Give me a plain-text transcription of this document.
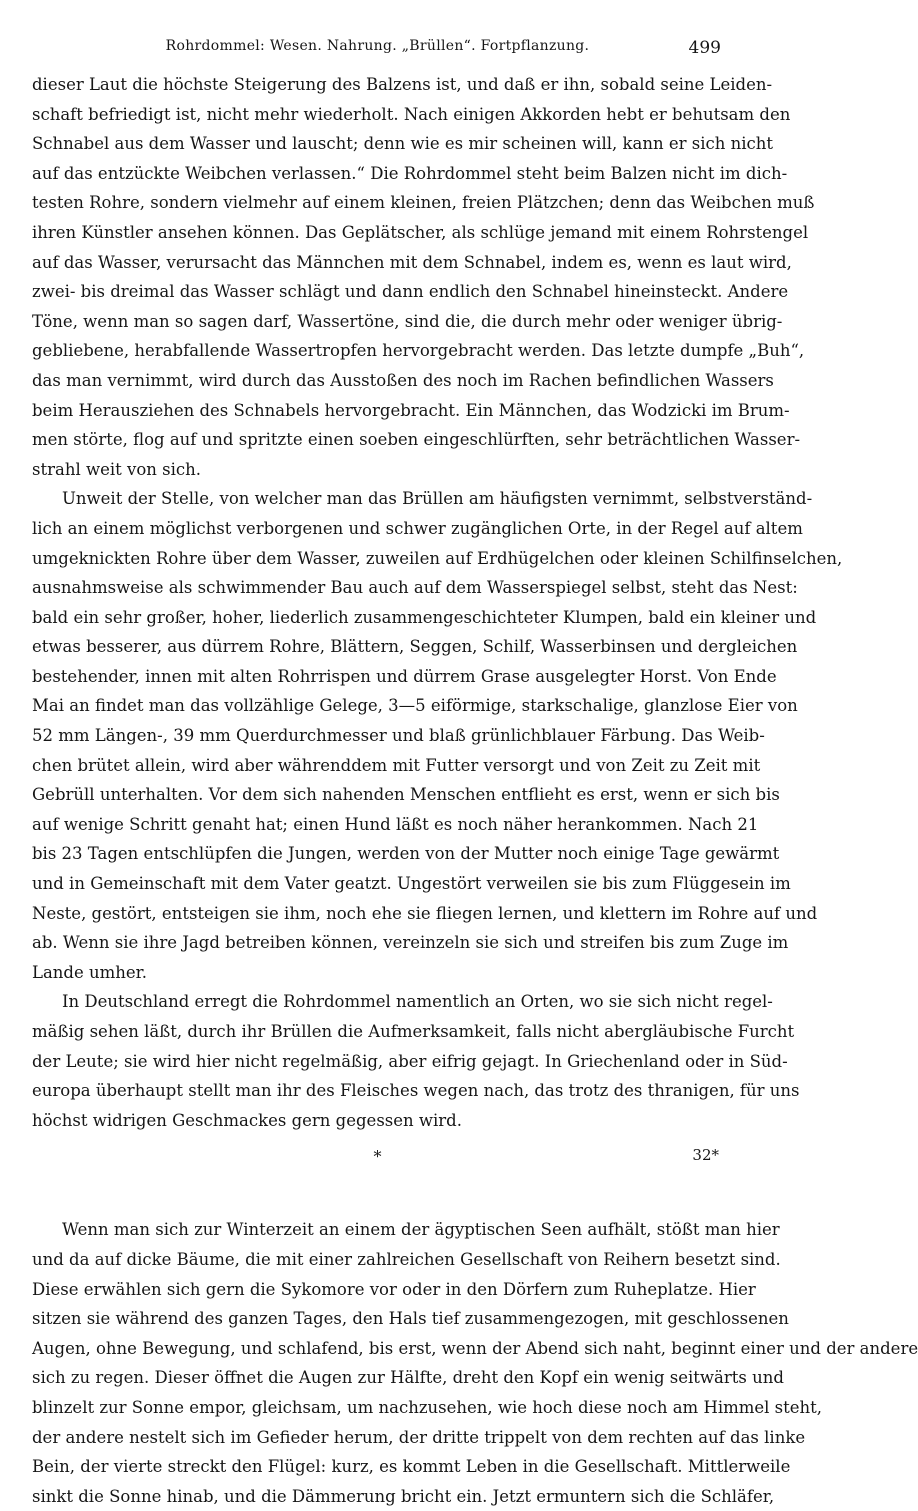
Rohrdommel: Wesen. Nahrung. „Brüllen“. Fortpflanzung.	499
dieser Laut die höchste Steigerung des Balzens ist, und daß er ihn, sobald seine Leiden-
schaft befriedigt ist, nicht mehr wiederholt. Nach einigen Akkorden hebt er behutsam den
Schnabel aus dem Wasser und lauscht; denn wie es mir scheinen will, kann er sich nicht
auf das entzückte Weibchen verlassen.“ Die Rohrdommel steht beim Balzen nicht im dich-
testen Rohre, sondern vielmehr auf einem kleinen, freien Plätzchen; denn das Weibchen muß
ihren Künstler ansehen können. Das Geplätscher, als schlüge jemand mit einem Rohrstengel
auf das Wasser, verursacht das Männchen mit dem Schnabel, indem es, wenn es laut wird,
zwei- bis dreimal das Wasser schlägt und dann endlich den Schnabel hineinsteckt. Andere
Töne, wenn man so sagen darf, Wassertöne, sind die, die durch mehr oder weniger übrig-
gebliebene, herabfallende Wassertropfen hervorgebracht werden. Das letzte dumpfe „Buh“,
das man vernimmt, wird durch das Ausstoßen des noch im Rachen befindlichen Wassers
beim Herausziehen des Schnabels hervorgebracht. Ein Männchen, das Wodzicki im Brum-
men störte, flog auf und spritzte einen soeben eingeschlürften, sehr beträchtlichen Wasser-
strahl weit von sich.
Unweit der Stelle, von welcher man das Brüllen am häufigsten vernimmt, selbstverständ-
lich an einem möglichst verborgenen und schwer zugänglichen Orte, in der Regel auf altem
umgeknickten Rohre über dem Wasser, zuweilen auf Erdhügelchen oder kleinen Schilfinselchen,
ausnahmsweise als schwimmender Bau auch auf dem Wasserspiegel selbst, steht das Nest:
bald ein sehr großer, hoher, liederlich zusammengeschichteter Klumpen, bald ein kleiner und
etwas besserer, aus dürrem Rohre, Blättern, Seggen, Schilf, Wasserbinsen und dergleichen
bestehender, innen mit alten Rohrrispen und dürrem Grase ausgelegter Horst. Von Ende
Mai an findet man das vollzählige Gelege, 3—5 eiförmige, starkschalige, glanzlose Eier von
52 mm Längen-, 39 mm Querdurchmesser und blaß grünlichblauer Färbung. Das Weib-
chen brütet allein, wird aber währenddem mit Futter versorgt und von Zeit zu Zeit mit
Gebrüll unterhalten. Vor dem sich nahenden Menschen entflieht es erst, wenn er sich bis
auf wenige Schritt genaht hat; einen Hund läßt es noch näher herankommen. Nach 21
bis 23 Tagen entschlüpfen die Jungen, werden von der Mutter noch einige Tage gewärmt
und in Gemeinschaft mit dem Vater geatzt. Ungestört verweilen sie bis zum Flüggesein im
Neste, gestört, entsteigen sie ihm, noch ehe sie fliegen lernen, und klettern im Rohre auf und
ab. Wenn sie ihre Jagd betreiben können, vereinzeln sie sich und streifen bis zum Zuge im
Lande umher.
In Deutschland erregt die Rohrdommel namentlich an Orten, wo sie sich nicht regel-
mäßig sehen läßt, durch ihr Brüllen die Aufmerksamkeit, falls nicht abergläubische Furcht
der Leute; sie wird hier nicht regelmäßig, aber eifrig gejagt. In Griechenland oder in Süd-
europa überhaupt stellt man ihr des Fleisches wegen nach, das trotz des thranigen, für uns
höchst widrigen Geschmackes gern gegessen wird.
*
Wenn man sich zur Winterzeit an einem der ägyptischen Seen aufhält, stößt man hier
und da auf dicke Bäume, die mit einer zahlreichen Gesellschaft von Reihern besetzt sind.
Diese erwählen sich gern die Sykomore vor oder in den Dörfern zum Ruheplatze. Hier
sitzen sie während des ganzen Tages, den Hals tief zusammengezogen, mit geschlossenen
Augen, ohne Bewegung, und schlafend, bis erst, wenn der Abend sich naht, beginnt einer und der andere
sich zu regen. Dieser öffnet die Augen zur Hälfte, dreht den Kopf ein wenig seitwärts und
blinzelt zur Sonne empor, gleichsam, um nachzusehen, wie hoch diese noch am Himmel steht,
der andere nestelt sich im Gefieder herum, der dritte trippelt von dem rechten auf das linke
Bein, der vierte streckt den Flügel: kurz, es kommt Leben in die Gesellschaft. Mittlerweile
sinkt die Sonne hinab, und die Dämmerung bricht ein. Jetzt ermuntern sich die Schläfer,
32*
